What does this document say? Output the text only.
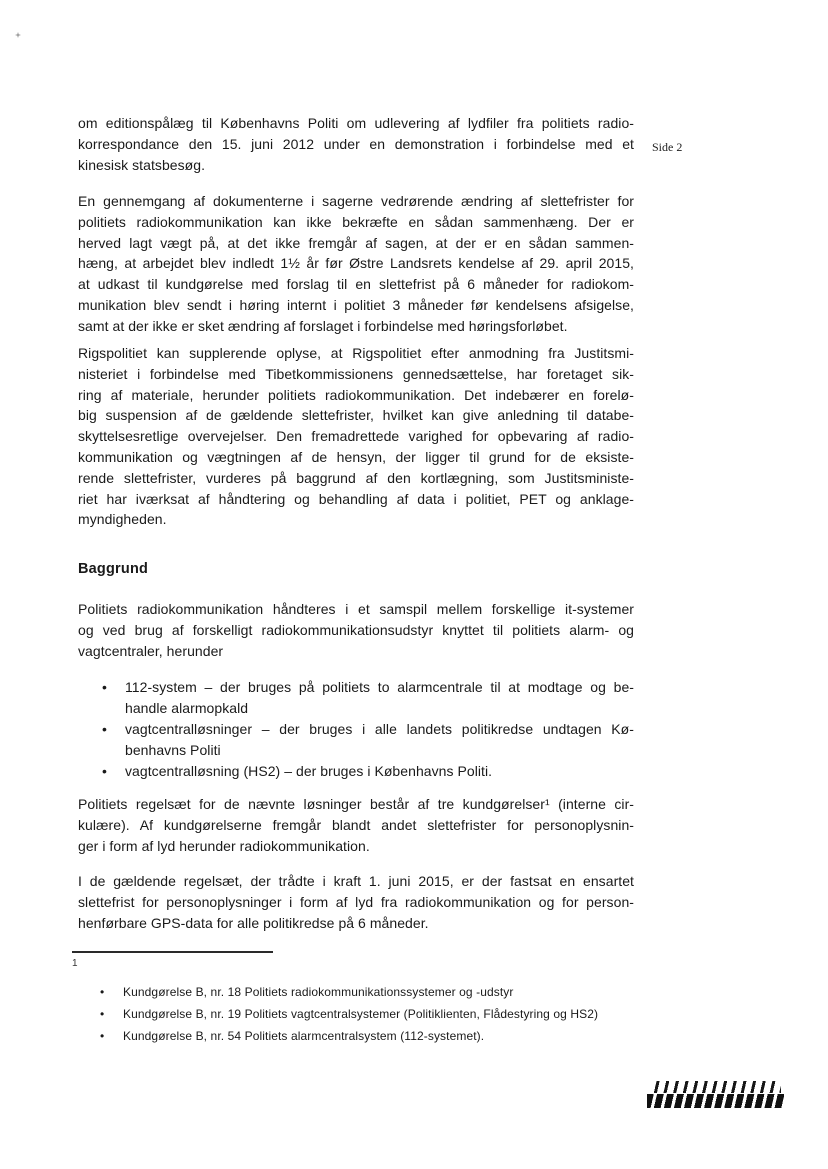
Side 2
om editionspålæg til Københavns Politi om udlevering af lydfiler fra politiets radio-
korrespondance den 15. juni 2012 under en demonstration i forbindelse med et
kinesisk statsbesøg.
En gennemgang af dokumenterne i sagerne vedrørende ændring af slettefrister for
politiets radiokommunikation kan ikke bekræfte en sådan sammenhæng. Der er
herved lagt vægt på, at det ikke fremgår af sagen, at der er en sådan sammen-
hæng, at arbejdet blev indledt 1½ år før Østre Landsrets kendelse af 29. april 2015,
at udkast til kundgørelse med forslag til en slettefrist på 6 måneder for radiokom-
munikation blev sendt i høring internt i politiet 3 måneder før kendelsens afsigelse,
samt at der ikke er sket ændring af forslaget i forbindelse med høringsforløbet.
Rigspolitiet kan supplerende oplyse, at Rigspolitiet efter anmodning fra Justitsmi-
nisteriet i forbindelse med Tibetkommissionens gennedsættelse, har foretaget sik-
ring af materiale, herunder politiets radiokommunikation. Det indebærer en forelø-
big suspension af de gældende slettefrister, hvilket kan give anledning til databe-
skyttelsesretlige overvejelser. Den fremadrettede varighed for opbevaring af radio-
kommunikation og vægtningen af de hensyn, der ligger til grund for de eksiste-
rende slettefrister, vurderes på baggrund af den kortlægning, som Justitsministe-
riet har iværksat af håndtering og behandling af data i politiet, PET og anklage-
myndigheden.
Baggrund
Politiets radiokommunikation håndteres i et samspil mellem forskellige it-systemer
og ved brug af forskelligt radiokommunikationsudstyr knyttet til politiets alarm- og
vagtcentraler, herunder
• 112-system – der bruges på politiets to alarmcentrale til at modtage og be-
handle alarmopkald
• vagtcentralløsninger – der bruges i alle landets politikredse undtagen Kø-
benhavns Politi
• vagtcentralløsning (HS2) – der bruges i Københavns Politi.
Politiets regelsæt for de nævnte løsninger består af tre kundgørelser¹ (interne cir-
kulære). Af kundgørelserne fremgår blandt andet slettefrister for personoplysnin-
ger i form af lyd herunder radiokommunikation.
I de gældende regelsæt, der trådte i kraft 1. juni 2015, er der fastsat en ensartet
slettefrist for personoplysninger i form af lyd fra radiokommunikation og for person-
henførbare GPS-data for alle politikredse på 6 måneder.
1
• Kundgørelse B, nr. 18 Politiets radiokommunikationssystemer og -udstyr
• Kundgørelse B, nr. 19 Politiets vagtcentralsystemer (Politiklienten, Flådestyring og HS2)
• Kundgørelse B, nr. 54 Politiets alarmcentralsystem (112-systemet).
